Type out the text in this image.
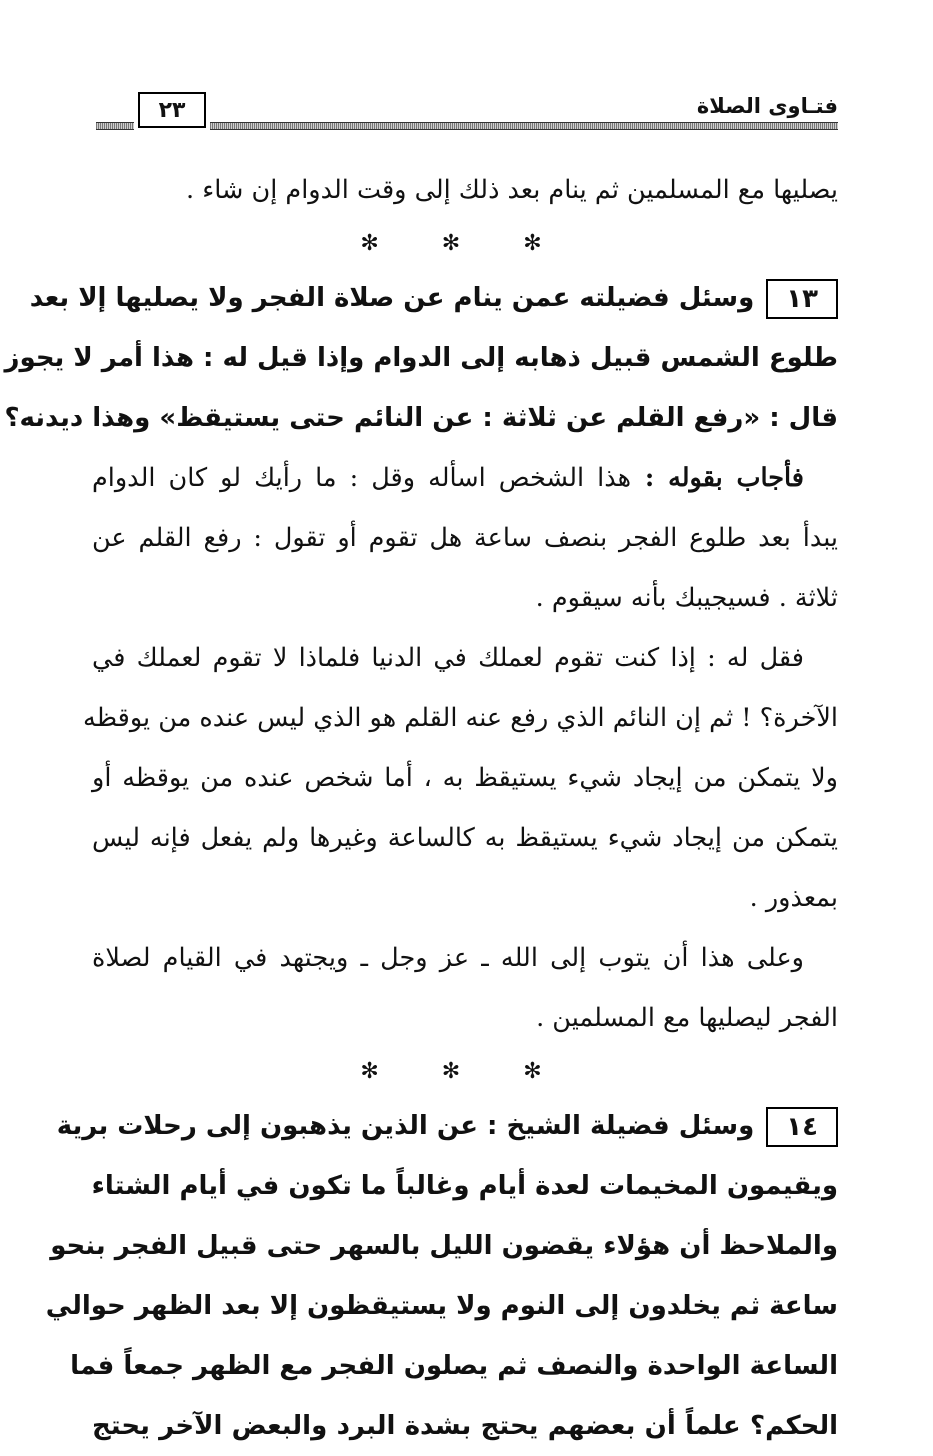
فتـاوى الصلاة
٢٣
يصليها مع المسلمين ثم ينام بعد ذلك إلى وقت الدوام إن شاء .
✻ ✻ ✻
١٣وسئل فضيلته عمن ينام عن صلاة الفجر ولا يصليها إلا بعد
طلوع الشمس قبيل ذهابه إلى الدوام وإذا قيل له : هذا أمر لا يجوز
قال : «رفع القلم عن ثلاثة : عن النائم حتى يستيقظ» وهذا ديدنه؟
فأجاب بقوله : هذا الشخص اسأله وقل : ما رأيك لو كان الدوام
يبدأ بعد طلوع الفجر بنصف ساعة هل تقوم أو تقول : رفع القلم عن
ثلاثة . فسيجيبك بأنه سيقوم .
فقل له : إذا كنت تقوم لعملك في الدنيا فلماذا لا تقوم لعملك في
الآخرة؟ ! ثم إن النائم الذي رفع عنه القلم هو الذي ليس عنده من يوقظه
ولا يتمكن من إيجاد شيء يستيقظ به ، أما شخص عنده من يوقظه أو
يتمكن من إيجاد شيء يستيقظ به كالساعة وغيرها ولم يفعل فإنه ليس
بمعذور .
وعلى هذا أن يتوب إلى الله ـ عز وجل ـ ويجتهد في القيام لصلاة
الفجر ليصليها مع المسلمين .
✻ ✻ ✻
١٤وسئل فضيلة الشيخ : عن الذين يذهبون إلى رحلات برية
ويقيمون المخيمات لعدة أيام وغالباً ما تكون في أيام الشتاء
والملاحظ أن هؤلاء يقضون الليل بالسهر حتى قبيل الفجر بنحو
ساعة ثم يخلدون إلى النوم ولا يستيقظون إلا بعد الظهر حوالي
الساعة الواحدة والنصف ثم يصلون الفجر مع الظهر جمعاً فما
الحكم؟ علماً أن بعضهم يحتج بشدة البرد والبعض الآخر يحتج
